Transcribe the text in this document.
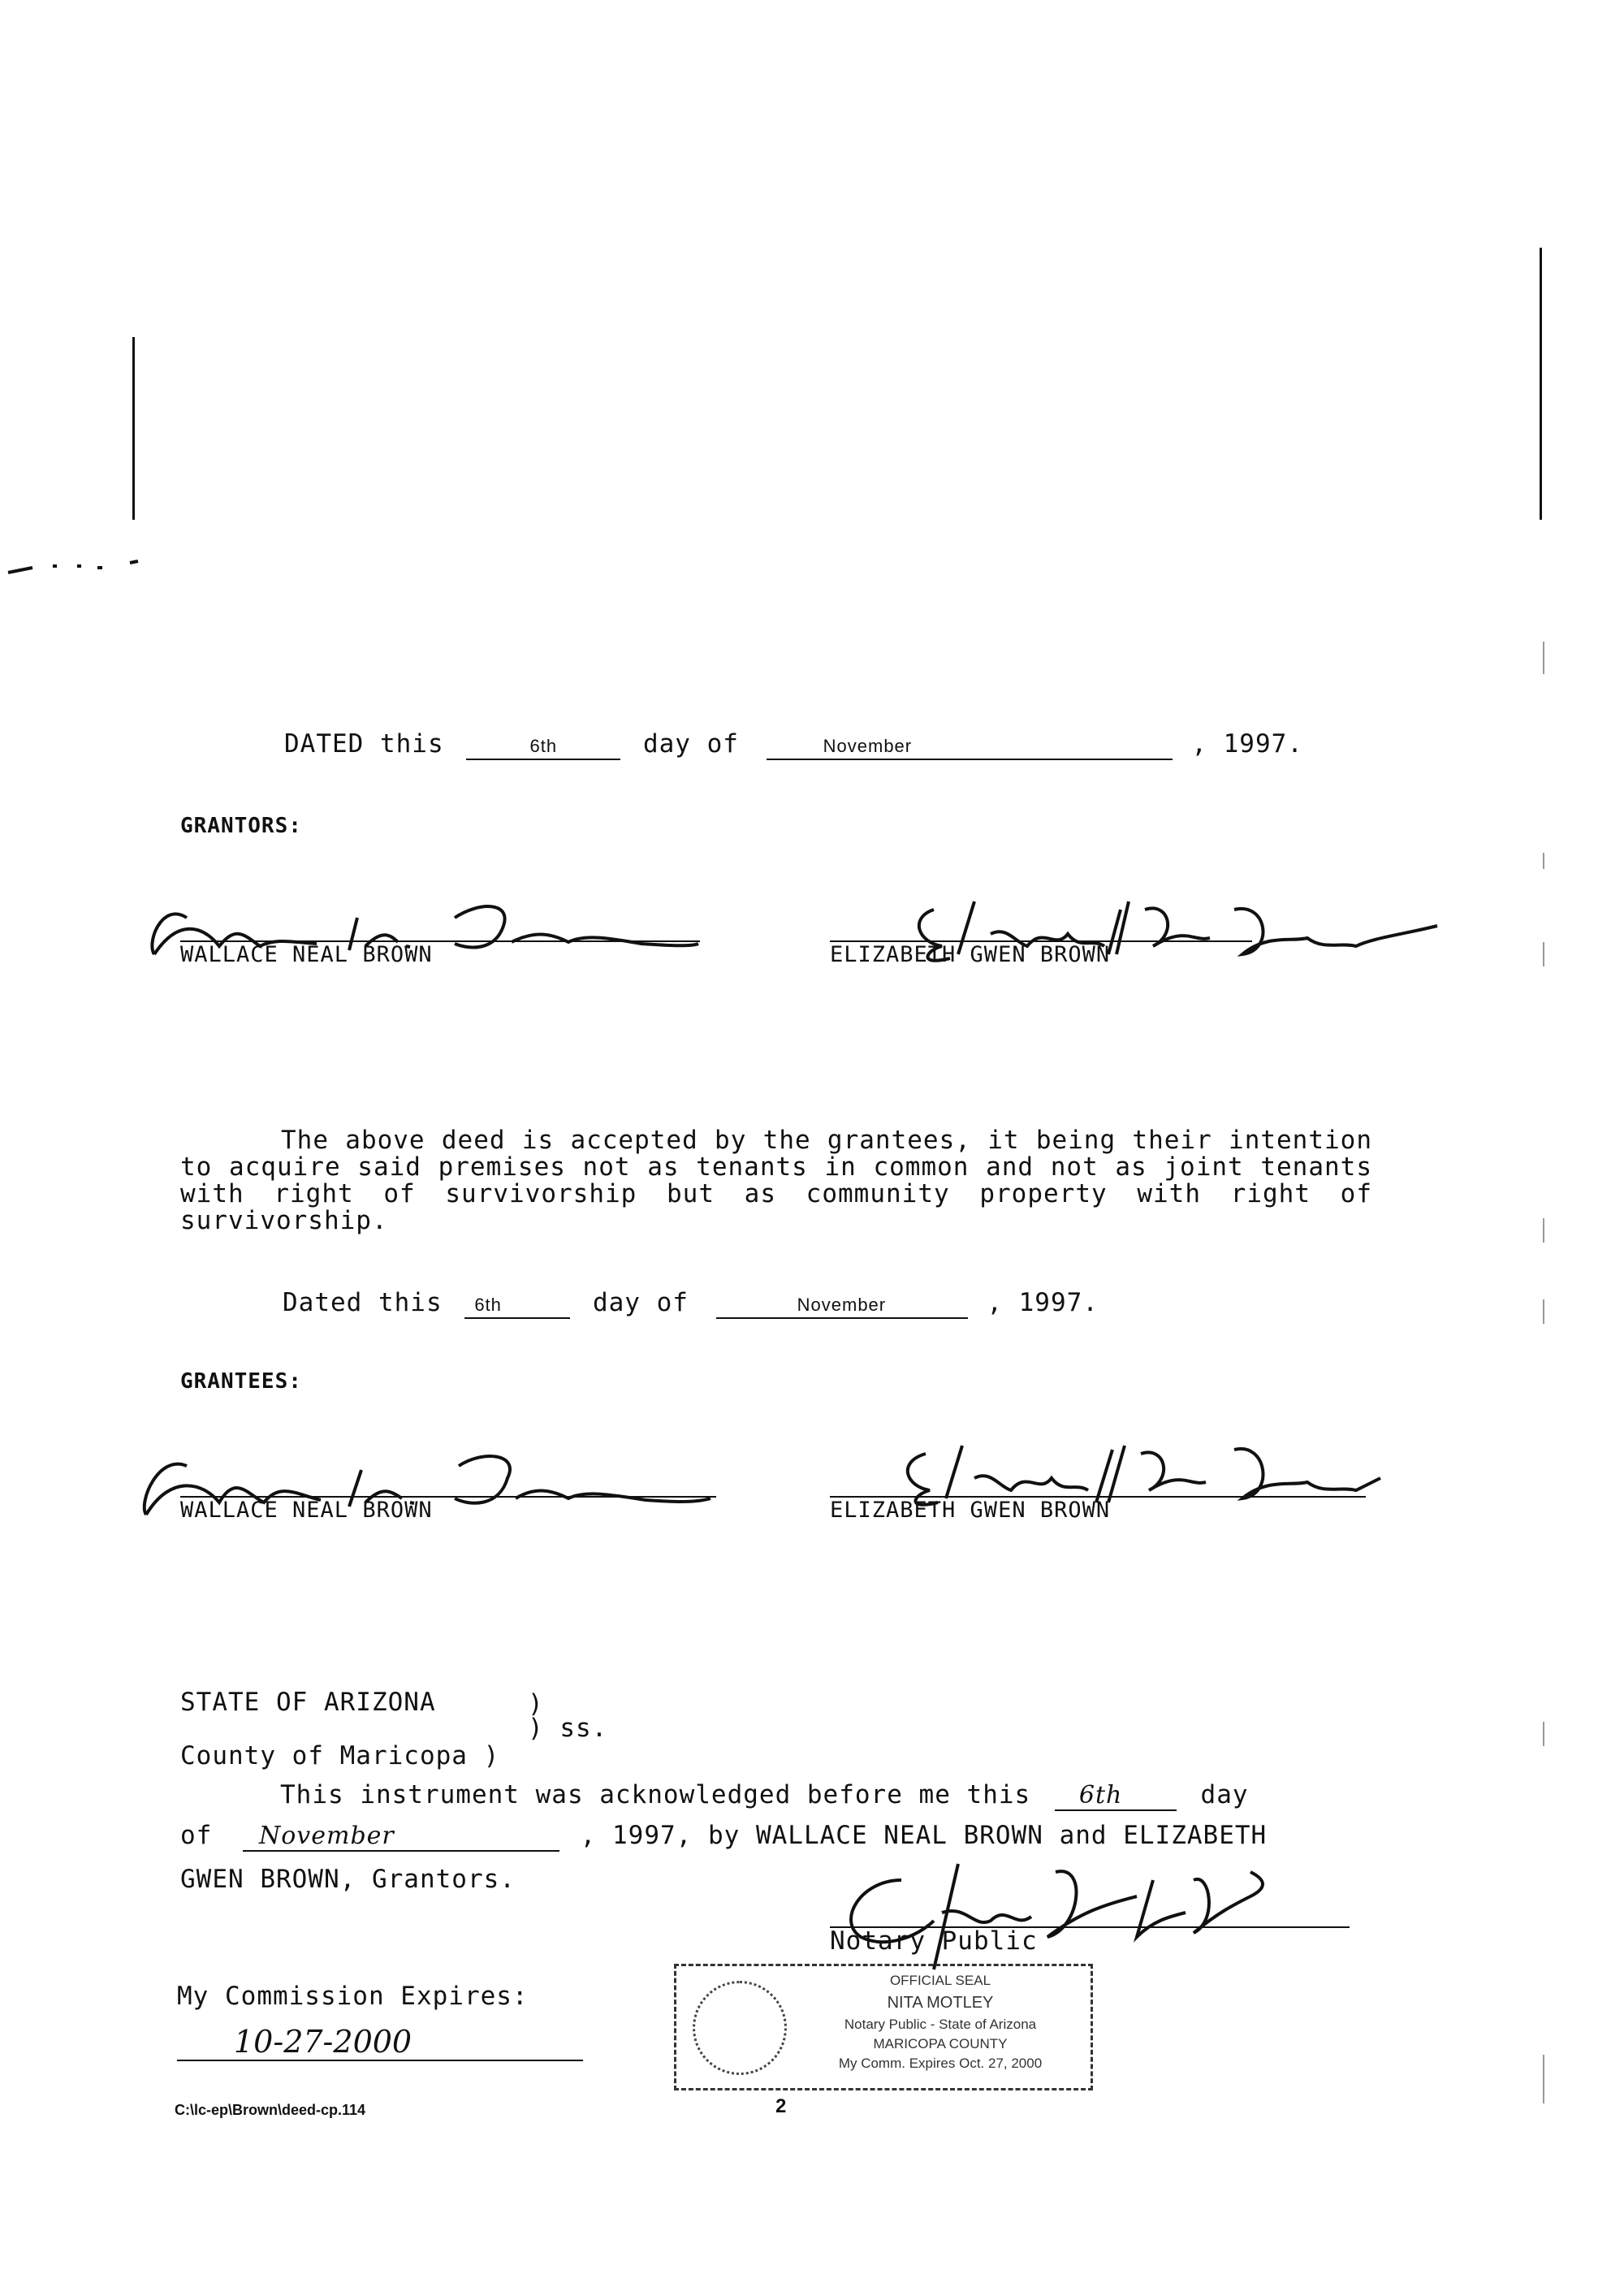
DATED this	6th	day of	November	, 1997.
GRANTORS:
WALLACE NEAL BROWN	ELIZABETH GWEN BROWN
The above deed is accepted by the grantees, it being their intention to acquire said premises not as tenants in common and not as joint tenants with right of survivorship but as community property with right of survivorship.
Dated this 6th	day of	November	, 1997.
GRANTEES:
WALLACE NEAL BROWN	ELIZABETH GWEN BROWN
STATE OF ARIZONA	)
) ss.
County of Maricopa )
This instrument was acknowledged before me this 6th	day
of November	, 1997, by WALLACE NEAL BROWN and ELIZABETH
GWEN BROWN, Grantors.
Notary Public
My Commission Expires:
10-27-2000
OFFICIAL SEAL
NITA MOTLEY
Notary Public - State of Arizona
MARICOPA COUNTY
My Comm. Expires Oct. 27, 2000
C:\lc-ep\Brown\deed-cp.114	2
